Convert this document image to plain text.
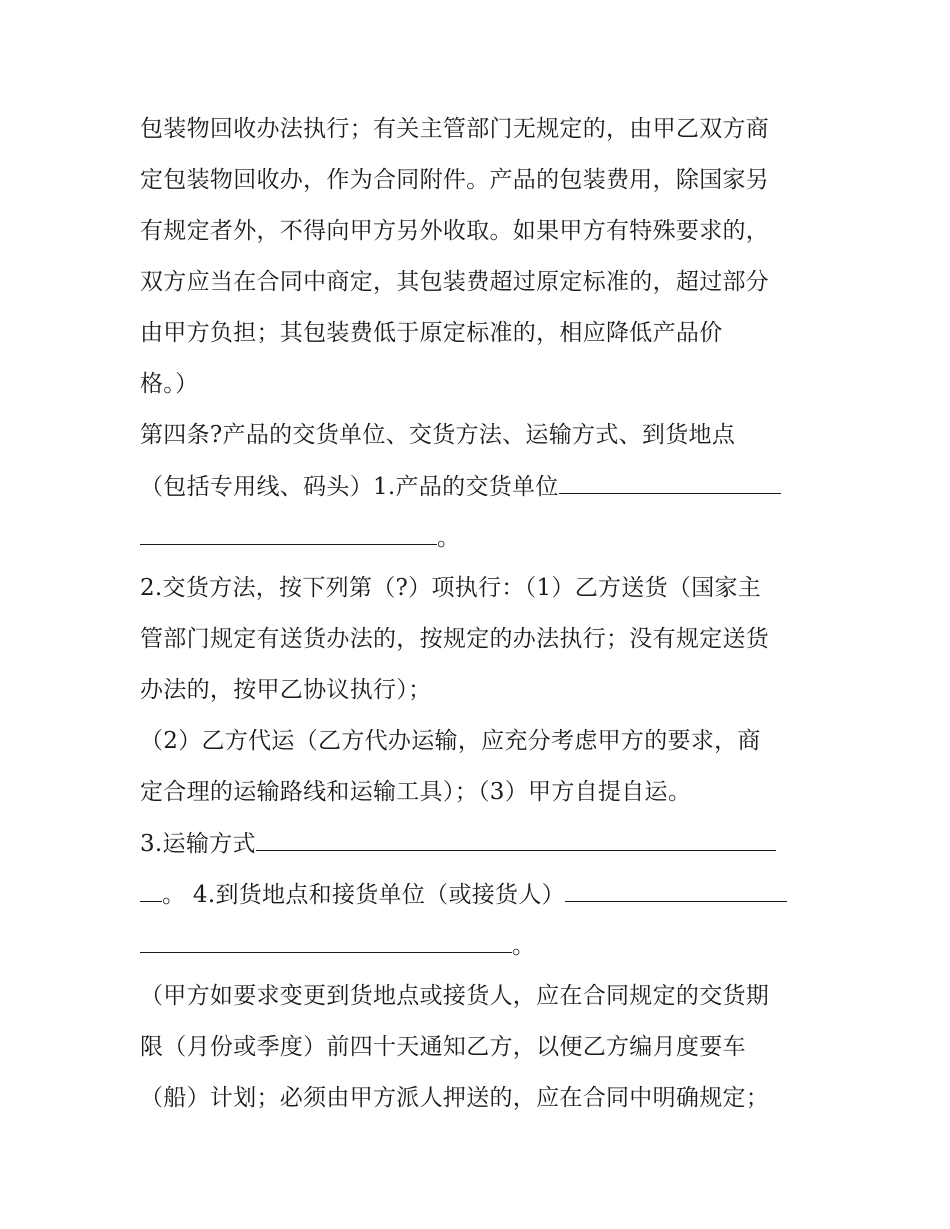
包装物回收办法执行；有关主管部门无规定的，由甲乙双方商
定包装物回收办，作为合同附件。产品的包装费用，除国家另
有规定者外，不得向甲方另外收取。如果甲方有特殊要求的，
双方应当在合同中商定，其包装费超过原定标准的，超过部分
由甲方负担；其包装费低于原定标准的，相应降低产品价
格。）
第四条?产品的交货单位、交货方法、运输方式、到货地点
（包括专用线、码头）1.产品的交货单位
。
2.交货方法，按下列第（?）项执行：（1）乙方送货（国家主
管部门规定有送货办法的，按规定的办法执行；没有规定送货
办法的，按甲乙协议执行）；
（2）乙方代运（乙方代办运输，应充分考虑甲方的要求，商
定合理的运输路线和运输工具）；（3）甲方自提自运。
3.运输方式
。 4.到货地点和接货单位（或接货人）
。
（甲方如要求变更到货地点或接货人，应在合同规定的交货期
限（月份或季度）前四十天通知乙方，以便乙方编月度要车
（船）计划；必须由甲方派人押送的，应在合同中明确规定；
